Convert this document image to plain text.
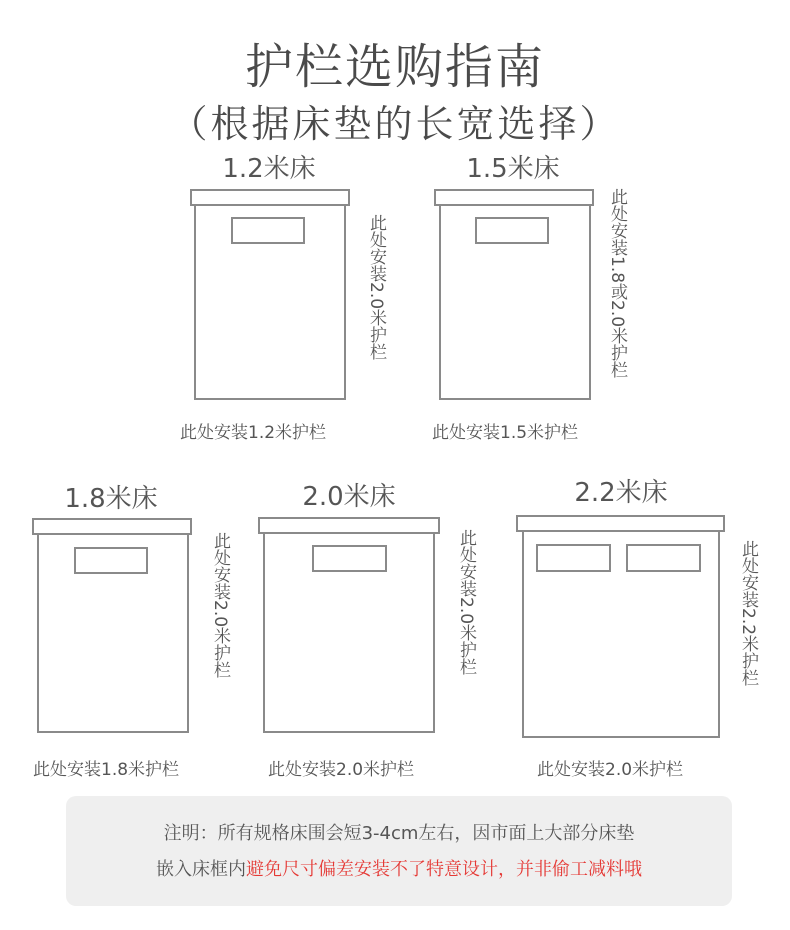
护栏选购指南
（根据床垫的长宽选择）
1.2米床
此处安装2.0米护栏
此处安装1.2米护栏
1.5米床
此处安装1.8或2.0米护栏
此处安装1.5米护栏
1.8米床
此处安装2.0米护栏
此处安装1.8米护栏
2.0米床
此处安装2.0米护栏
此处安装2.0米护栏
2.2米床
此处安装2.2米护栏
此处安装2.0米护栏
注明：所有规格床围会短3-4cm左右，因市面上大部分床垫
嵌入床框内避免尺寸偏差安装不了特意设计，并非偷工减料哦
